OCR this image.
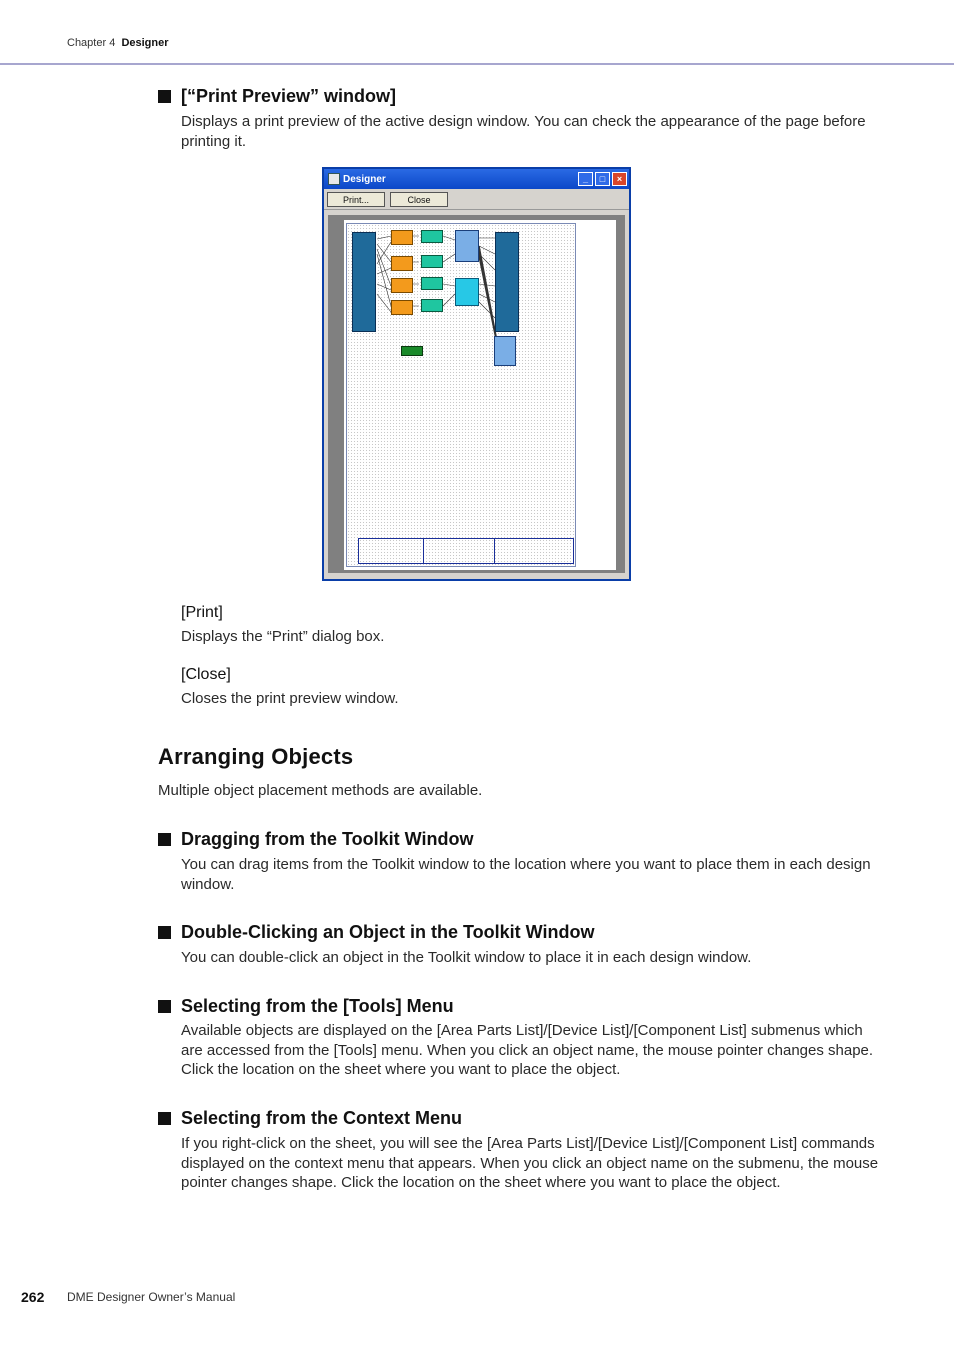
Chapter 4 Designer
[“Print Preview” window]
Displays a print preview of the active design window. You can check the appearance of the page before printing it.
Designer	_	□	×
Print...	Close
[Print]
Displays the “Print” dialog box.
[Close]
Closes the print preview window.
Arranging Objects
Multiple object placement methods are available.
Dragging from the Toolkit Window
You can drag items from the Toolkit window to the location where you want to place them in each design window.
Double-Clicking an Object in the Toolkit Window
You can double-click an object in the Toolkit window to place it in each design window.
Selecting from the [Tools] Menu
Available objects are displayed on the [Area Parts List]/[Device List]/[Component List] submenus which are accessed from the [Tools] menu. When you click an object name, the mouse pointer changes shape. Click the location on the sheet where you want to place the object.
Selecting from the Context Menu
If you right-click on the sheet, you will see the [Area Parts List]/[Device List]/[Component List] commands displayed on the context menu that appears. When you click an object name on the submenu, the mouse pointer changes shape. Click the location on the sheet where you want to place the object.
262 DME Designer Owner’s Manual
